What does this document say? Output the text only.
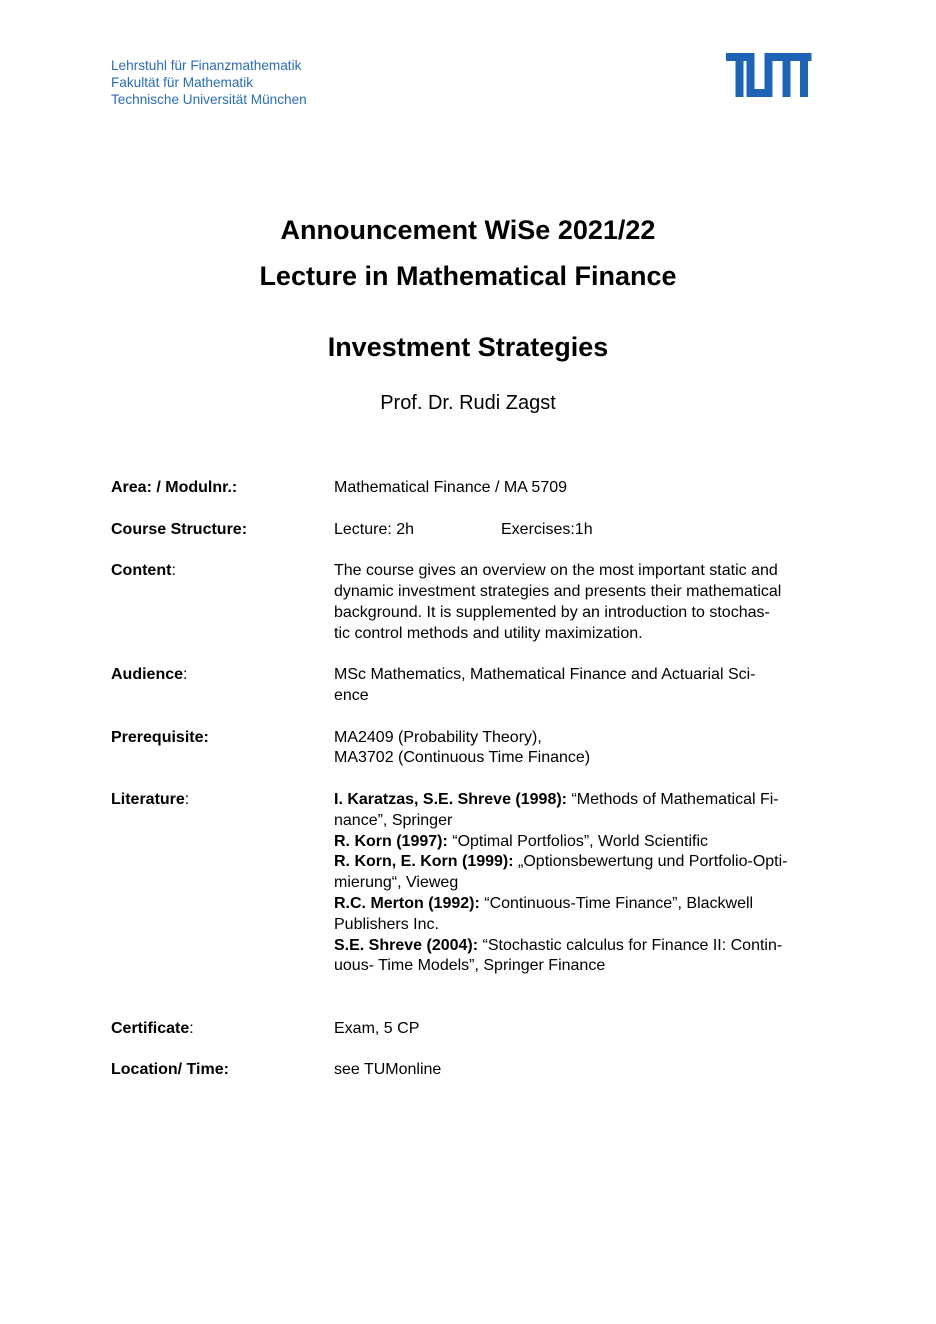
Lehrstuhl für Finanzmathematik
Fakultät für Mathematik
Technische Universität München
Announcement WiSe 2021/22
Lecture in Mathematical Finance
Investment Strategies
Prof. Dr. Rudi Zagst
Area: / Modulnr.:	Mathematical Finance / MA 5709
Course Structure:	Lecture: 2h	Exercises:1h
Content:	The course gives an overview on the most important static and
dynamic investment strategies and presents their mathematical
background. It is supplemented by an introduction to stochas-
tic control methods and utility maximization.
Audience:	MSc Mathematics, Mathematical Finance and Actuarial Sci-
ence
Prerequisite:	MA2409 (Probability Theory),
MA3702 (Continuous Time Finance)
Literature:	I. Karatzas, S.E. Shreve (1998): “Methods of Mathematical Fi-
nance”, Springer
R. Korn (1997): “Optimal Portfolios”, World Scientific
R. Korn, E. Korn (1999): „Optionsbewertung und Portfolio-Opti-
mierung“, Vieweg
R.C. Merton (1992): “Continuous-Time Finance”, Blackwell
Publishers Inc.
S.E. Shreve (2004): “Stochastic calculus for Finance II: Contin-
uous- Time Models”, Springer Finance
Certificate:	Exam, 5 CP
Location/ Time:	see TUMonline
